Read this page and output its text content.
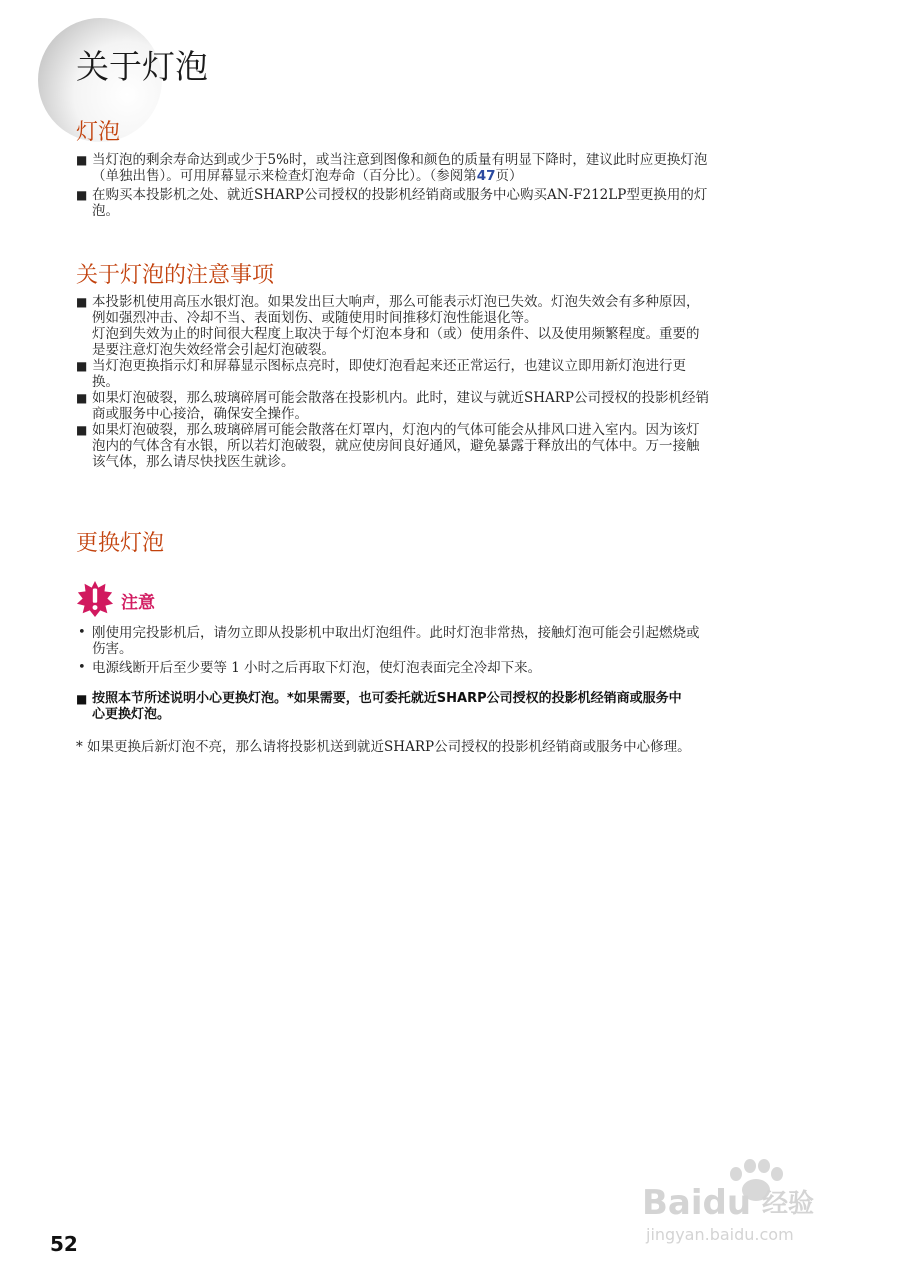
关于灯泡
灯泡
■ 当灯泡的剩余寿命达到或少于5%时，或当注意到图像和颜色的质量有明显下降时，建议此时应更换灯泡
（单独出售）。可用屏幕显示来检查灯泡寿命（百分比）。（参阅第47页）
■ 在购买本投影机之处、就近SHARP公司授权的投影机经销商或服务中心购买AN-F212LP型更换用的灯
泡。
关于灯泡的注意事项
■ 本投影机使用高压水银灯泡。如果发出巨大响声，那么可能表示灯泡已失效。灯泡失效会有多种原因，
例如强烈冲击、冷却不当、表面划伤、或随使用时间推移灯泡性能退化等。
灯泡到失效为止的时间很大程度上取决于每个灯泡本身和（或）使用条件、以及使用频繁程度。重要的
是要注意灯泡失效经常会引起灯泡破裂。
■ 当灯泡更换指示灯和屏幕显示图标点亮时，即使灯泡看起来还正常运行，也建议立即用新灯泡进行更
换。
■ 如果灯泡破裂，那么玻璃碎屑可能会散落在投影机内。此时，建议与就近SHARP公司授权的投影机经销
商或服务中心接洽，确保安全操作。
■ 如果灯泡破裂，那么玻璃碎屑可能会散落在灯罩内，灯泡内的气体可能会从排风口进入室内。因为该灯
泡内的气体含有水银，所以若灯泡破裂，就应使房间良好通风，避免暴露于释放出的气体中。万一接触
该气体，那么请尽快找医生就诊。
更换灯泡
注意
• 刚使用完投影机后，请勿立即从投影机中取出灯泡组件。此时灯泡非常热，接触灯泡可能会引起燃烧或
伤害。
• 电源线断开后至少要等 1 小时之后再取下灯泡，使灯泡表面完全冷却下来。
■ 按照本节所述说明小心更换灯泡。*如果需要，也可委托就近SHARP公司授权的投影机经销商或服务中
心更换灯泡。
* 如果更换后新灯泡不亮，那么请将投影机送到就近SHARP公司授权的投影机经销商或服务中心修理。
Baidu 经验
jingyan.baidu.com
52
